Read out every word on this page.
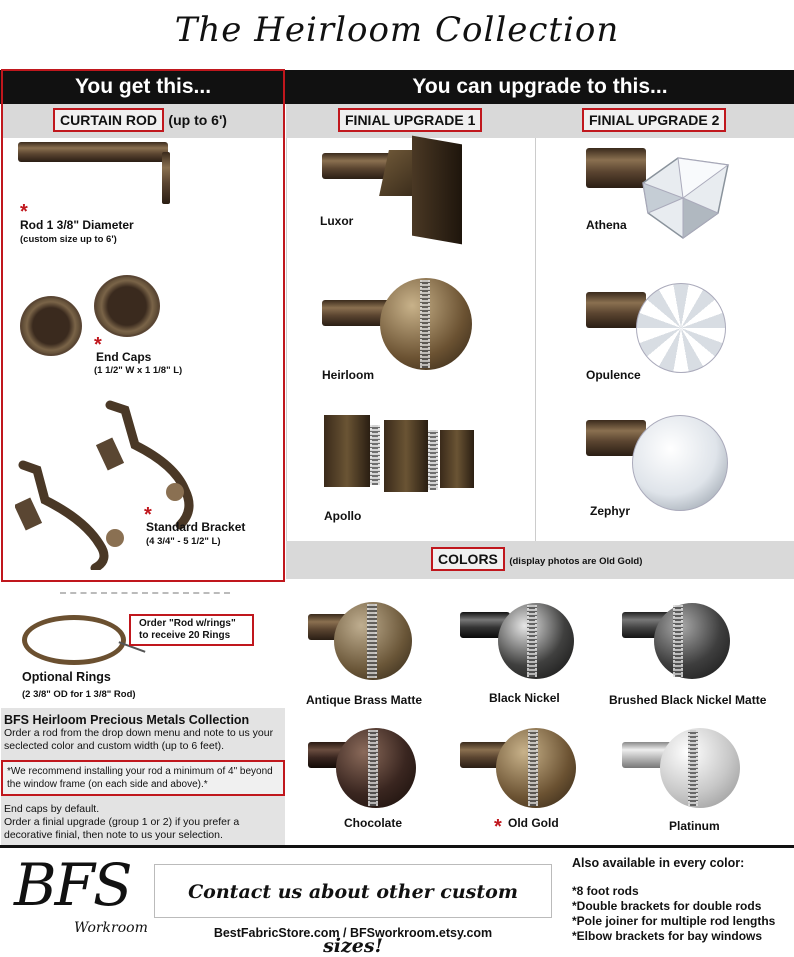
The Heirloom Collection
You get this...	You can upgrade to this...
CURTAIN ROD (up to 6')
*
Rod 1 3/8" Diameter
(custom size up to 6')
*
End Caps
(1 1/2" W x 1 1/8" L)
*
Standard Bracket
(4 3/4" - 5 1/2" L)
Order "Rod w/rings" to receive 20 Rings
Optional Rings
(2 3/8" OD for 1 3/8" Rod)
BFS Heirloom Precious Metals Collection
Order a rod from the drop down menu and note to us your seclected color and custom width (up to 6 feet).
*We recommend installing your rod a minimum of 4" beyond the window frame (on each side and above).*
End caps by default.
Order a finial upgrade (group 1 or 2) if you prefer a decorative finial, then note to us your selection.
FINIAL UPGRADE 1	FINIAL UPGRADE 2
Luxor
Heirloom
Apollo
Athena
Opulence
Zephyr
COLORS (display photos are Old Gold)
Antique Brass Matte	Black Nickel	Brushed Black Nickel Matte
Chocolate	* Old Gold	Platinum
BFS
Workroom
Contact us about other custom sizes!
BestFabricStore.com / BFSworkroom.etsy.com
Also available in every color:
*8 foot rods
*Double brackets for double rods
*Pole joiner for multiple rod lengths
*Elbow brackets for bay windows
